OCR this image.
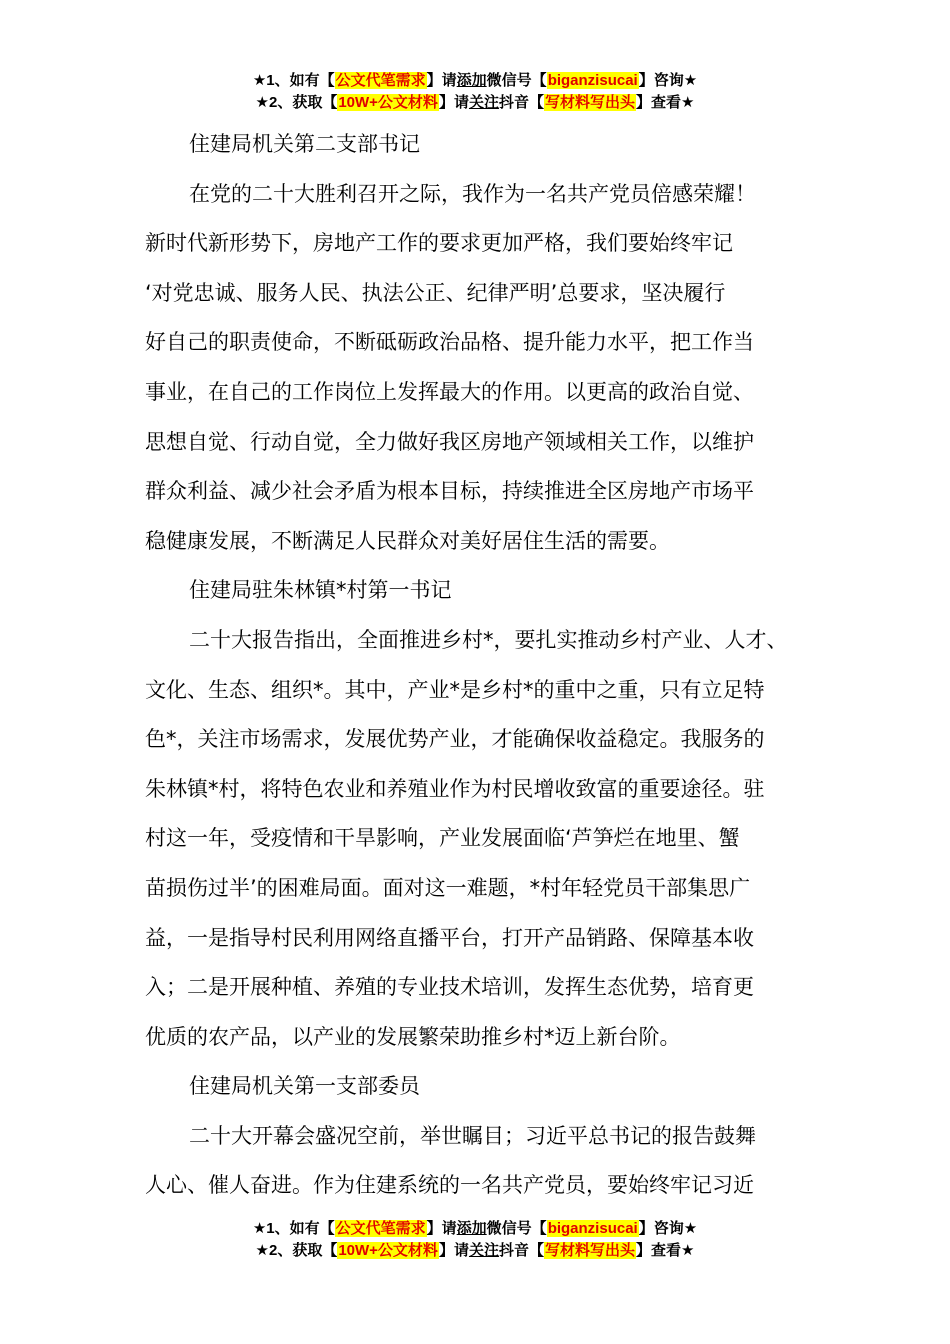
★1、如有【公文代笔需求】请添加微信号【biganzisucai】咨询★
★2、获取【10W+公文材料】请关注抖音【写材料写出头】查看★
住建局机关第二支部书记
在党的二十大胜利召开之际，我作为一名共产党员倍感荣耀！
新时代新形势下，房地产工作的要求更加严格，我们要始终牢记
‘对党忠诚、服务人民、执法公正、纪律严明’总要求，坚决履行
好自己的职责使命，不断砥砺政治品格、提升能力水平，把工作当
事业，在自己的工作岗位上发挥最大的作用。以更高的政治自觉、
思想自觉、行动自觉，全力做好我区房地产领域相关工作，以维护
群众利益、减少社会矛盾为根本目标，持续推进全区房地产市场平
稳健康发展，不断满足人民群众对美好居住生活的需要。
住建局驻朱林镇*村第一书记
二十大报告指出，全面推进乡村*，要扎实推动乡村产业、人才、
文化、生态、组织*。其中，产业*是乡村*的重中之重，只有立足特
色*，关注市场需求，发展优势产业，才能确保收益稳定。我服务的
朱林镇*村，将特色农业和养殖业作为村民增收致富的重要途径。驻
村这一年，受疫情和干旱影响，产业发展面临‘芦笋烂在地里、蟹
苗损伤过半’的困难局面。面对这一难题，*村年轻党员干部集思广
益，一是指导村民利用网络直播平台，打开产品销路、保障基本收
入；二是开展种植、养殖的专业技术培训，发挥生态优势，培育更
优质的农产品，以产业的发展繁荣助推乡村*迈上新台阶。
住建局机关第一支部委员
二十大开幕会盛况空前，举世瞩目；习近平总书记的报告鼓舞
人心、催人奋进。作为住建系统的一名共产党员，要始终牢记习近
★1、如有【公文代笔需求】请添加微信号【biganzisucai】咨询★
★2、获取【10W+公文材料】请关注抖音【写材料写出头】查看★
